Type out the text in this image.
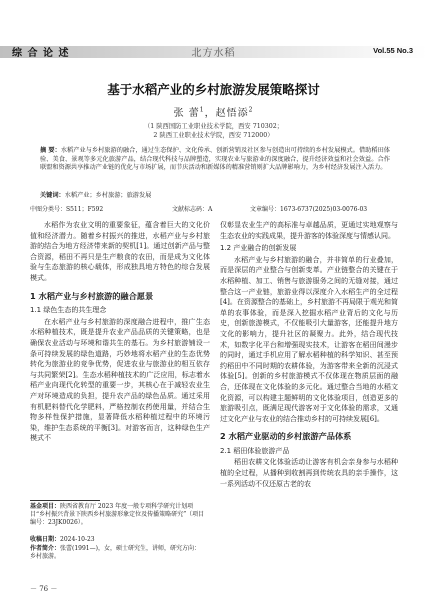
综 合 论 述	北方水稻	Vol.55 No.3
基于水稻产业的乡村旅游发展策略探讨
张 蕾$^1$，赵悟添$^2$
（1 陕西国防工业职业技术学院，西安 710302；
2 陕西工业职业技术学院，西安 712000）
摘 要：水稻产业与乡村旅游的融合，通过生态保护、文化传承、创新营销及社区参与创造出可持续的乡村发展模式。借助稻田体验、美食、景观等多元化旅游产品，结合现代科技与品牌塑造，实现农业与旅游业的深度融合，提升经济效益和社会效益。合作联盟和资源共享推动产业链的优化与市场扩展，而节庆活动和新媒体的精准营销则扩大品牌影响力，为乡村经济发展注入活力。
关键词：水稻产业；乡村旅游；旅游发展
中图分类号：S511；F592	文献标志码：A	文章编号：1673-6737(2025)03-0076-03

水稻作为农业文明的重要象征，蕴含着巨大的文化价值和经济潜力。随着乡村振兴的推进，水稻产业与乡村旅游的结合为地方经济带来新的契机[1]。通过创新产品与整合资源，稻田不再只是生产粮食的农田，而是成为文化体验与生态旅游的核心载体，形成独具地方特色的综合发展模式。

1 水稻产业与乡村旅游的融合愿景
1.1 绿色生态的共生理念

在水稻产业与乡村旅游的深度融合进程中，推广生态水稻种植技术，既是提升农业产品品质的关键策略，也是确保农业活动与环境和谐共生的基石。为乡村旅游铺设一条可持续发展的绿色道路，巧妙地将水稻产业的生态优势转化为旅游业的竞争优势，促进农业与旅游业的相互依存与共同繁荣[2]。生态水稻种植技术的广泛应用，标志着水稻产业向现代化转型的重要一步，其核心在于减轻农业生产对环境造成的负担，提升农产品的绿色品质。通过采用有机肥料替代化学肥料，严格控制农药使用量，并结合生物多样性保护措施，显著降低水稻种植过程中的环境污染，维护生态系统的平衡[3]。对游客而言，这种绿色生产模式不

仅彰显农业生产的高标准与卓越品质，更通过实地观察与生态农业的实践成果，提升游客的体验深度与情感认同。

1.2 产业融合的创新发展

水稻产业与乡村旅游的融合，并非简单的行业叠加，而是深层的产业整合与创新变革。产业链整合的关键在于水稻种植、加工、销售与旅游服务之间的无缝对接，通过整合这一产业链，旅游业得以深度介入水稻生产的全过程[4]。在资源整合的基础上，乡村旅游不再局限于观光和简单的农事体验，而是深入挖掘水稻产业背后的文化与历史，创新旅游模式，不仅能吸引大量游客，还能提升地方文化的影响力，提升社区的凝聚力。此外，结合现代技术，如数字化平台和增强现实技术，让游客在稻田间漫步的同时，通过手机应用了解水稻种植的科学知识、甚至预约稻田中不同时期的农耕体验，为游客带来全新的沉浸式体验[5]。创新的乡村旅游模式不仅体现在物质层面的融合，还体现在文化体验的多元化。通过整合当地的水稻文化资源，可以构建主题鲜明的文化体验项目，创造更多的旅游吸引点，既满足现代游客对于文化体验的需求，又通过文化产业与农业的结合推动乡村的可持续发展[6]。

2 水稻产业驱动的乡村旅游产品体系
2.1 稻田体验旅游产品

稻田农耕文化体验活动让游客有机会亲身参与水稻种植的全过程，从播种到收割再到传统农具的亲手操作，这一系列活动不仅还原古老的农

基金项目：陕西省教育厅 2023 年度一般专项科学研究计划项目“乡村振兴背景下陕西乡村旅游形象定位及传播策略研究”（项目编号：23JK0026）。
收稿日期：2024-10-23
作者简介：张蕾(1991—)，女，硕士研究生，讲师，研究方向：乡村旅游。
－ 76 －
